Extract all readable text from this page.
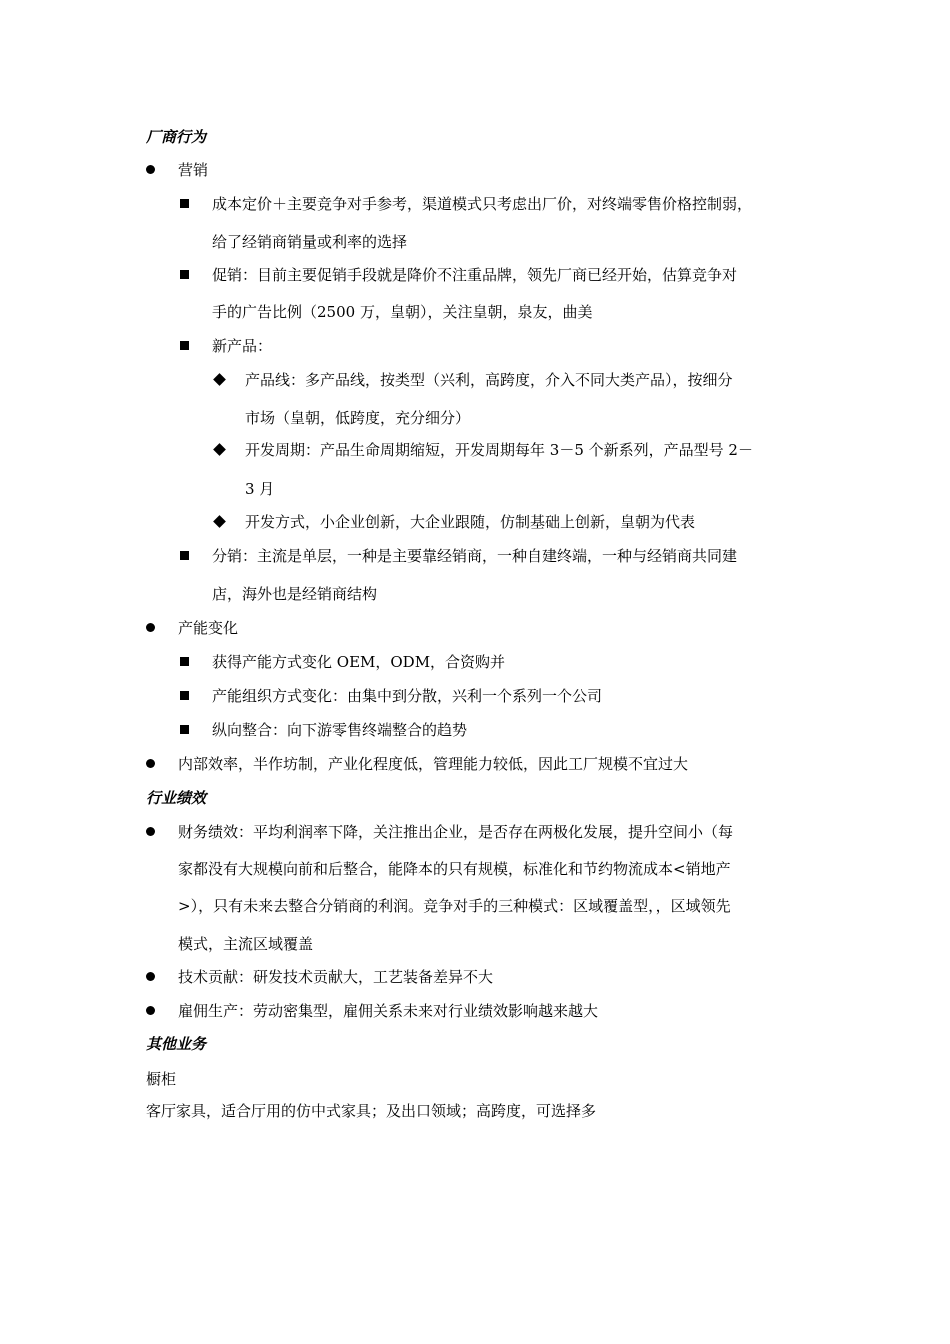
厂商行为
营销
成本定价＋主要竞争对手参考，渠道模式只考虑出厂价，对终端零售价格控制弱，
给了经销商销量或利率的选择
促销：目前主要促销手段就是降价不注重品牌，领先厂商已经开始，估算竞争对
手的广告比例（2500 万，皇朝），关注皇朝，泉友，曲美
新产品：
产品线：多产品线，按类型（兴利，高跨度，介入不同大类产品），按细分
市场（皇朝，低跨度，充分细分）
开发周期：产品生命周期缩短，开发周期每年 3－5 个新系列，产品型号 2－
3 月
开发方式，小企业创新，大企业跟随，仿制基础上创新，皇朝为代表
分销：主流是单层，一种是主要靠经销商，一种自建终端，一种与经销商共同建
店，海外也是经销商结构
产能变化
获得产能方式变化 OEM，ODM，合资购并
产能组织方式变化：由集中到分散，兴利一个系列一个公司
纵向整合：向下游零售终端整合的趋势
内部效率，半作坊制，产业化程度低，管理能力较低，因此工厂规模不宜过大
行业绩效
财务绩效：平均利润率下降，关注推出企业，是否存在两极化发展，提升空间小（每
家都没有大规模向前和后整合，能降本的只有规模，标准化和节约物流成本<销地产
>），只有未来去整合分销商的利润。竞争对手的三种模式：区域覆盖型，，区域领先
模式，主流区域覆盖
技术贡献：研发技术贡献大，工艺装备差异不大
雇佣生产：劳动密集型，雇佣关系未来对行业绩效影响越来越大
其他业务
橱柜
客厅家具，适合厅用的仿中式家具；及出口领域；高跨度，可选择多
